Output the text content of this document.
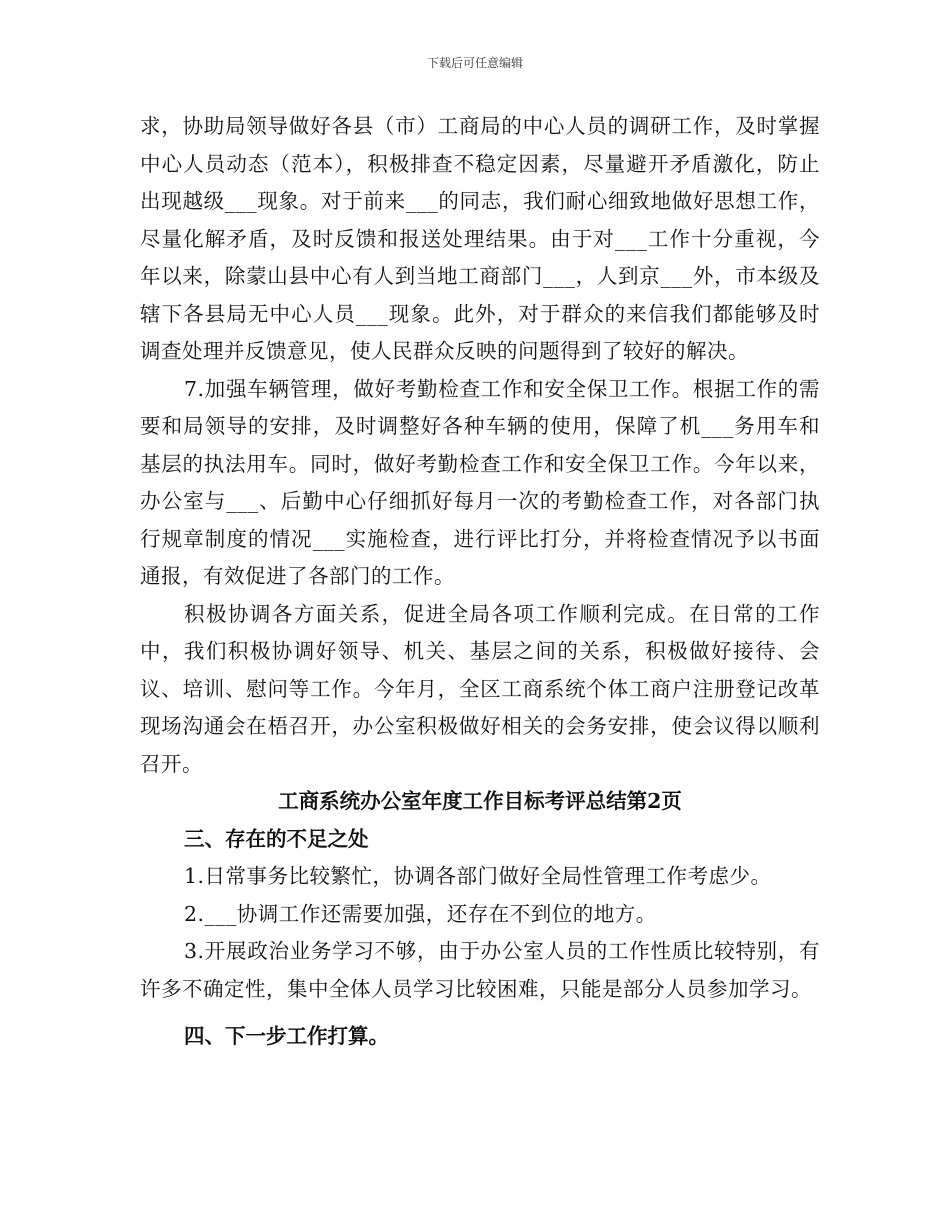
下载后可任意编辑

求，协助局领导做好各县（市）工商局的中心人员的调研工作，及时掌握中心人员动态（范本），积极排查不稳定因素，尽量避开矛盾激化，防止出现越级___现象。对于前来___的同志，我们耐心细致地做好思想工作，尽量化解矛盾，及时反馈和报送处理结果。由于对___工作十分重视，今年以来，除蒙山县中心有人到当地工商部门___，人到京___外，市本级及辖下各县局无中心人员___现象。此外，对于群众的来信我们都能够及时调查处理并反馈意见，使人民群众反映的问题得到了较好的解决。

7.加强车辆管理，做好考勤检查工作和安全保卫工作。根据工作的需要和局领导的安排，及时调整好各种车辆的使用，保障了机___务用车和基层的执法用车。同时，做好考勤检查工作和安全保卫工作。今年以来，办公室与___、后勤中心仔细抓好每月一次的考勤检查工作，对各部门执行规章制度的情况___实施检查，进行评比打分，并将检查情况予以书面通报，有效促进了各部门的工作。

积极协调各方面关系，促进全局各项工作顺利完成。在日常的工作中，我们积极协调好领导、机关、基层之间的关系，积极做好接待、会议、培训、慰问等工作。今年月，全区工商系统个体工商户注册登记改革现场沟通会在梧召开，办公室积极做好相关的会务安排，使会议得以顺利召开。

工商系统办公室年度工作目标考评总结第2页

三、存在的不足之处

1.日常事务比较繁忙，协调各部门做好全局性管理工作考虑少。

2.___协调工作还需要加强，还存在不到位的地方。

3.开展政治业务学习不够，由于办公室人员的工作性质比较特别，有许多不确定性，集中全体人员学习比较困难，只能是部分人员参加学习。

四、下一步工作打算。
